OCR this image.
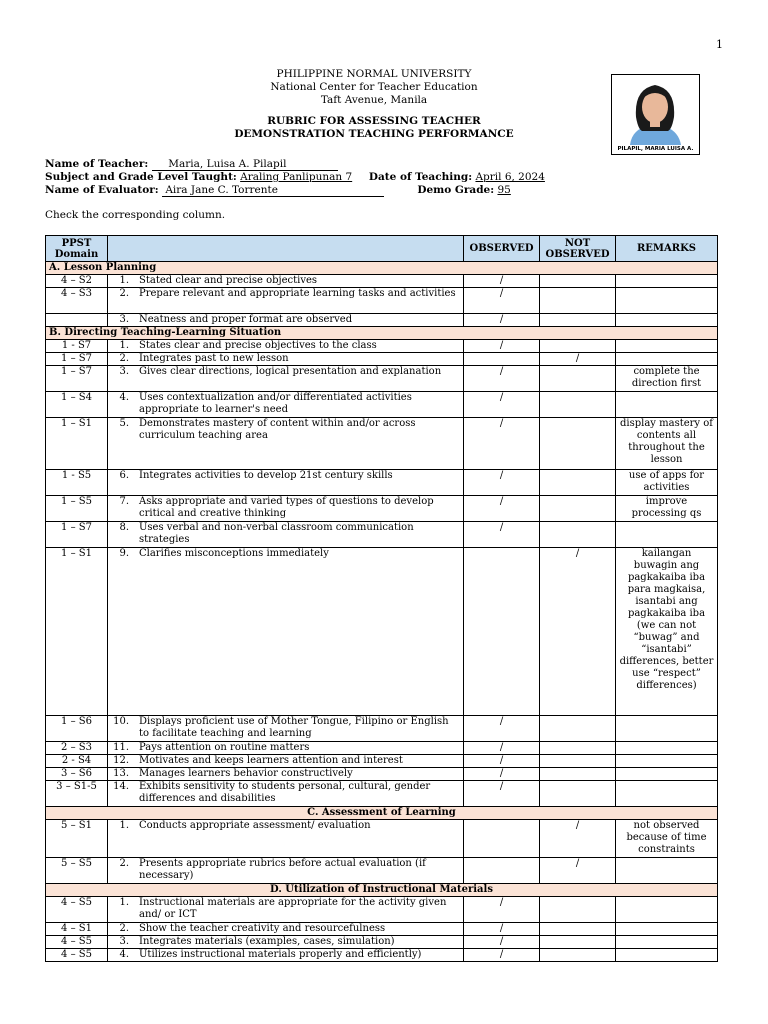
1
PHILIPPINE NORMAL UNIVERSITY
National Center for Teacher Education
Taft Avenue, Manila
RUBRIC FOR ASSESSING TEACHER
DEMONSTRATION TEACHING PERFORMANCE
PILAPIL, MARIA LUISA A.
Name of Teacher: Maria, Luisa A. Pilapil
Subject and Grade Level Taught: Araling Panlipunan 7 Date of Teaching: April 6, 2024
Name of Evaluator: Aira Jane C. Torrente	Demo Grade: 95
Check the corresponding column.
PPST Domain		OBSERVED	NOT OBSERVED	REMARKS
A. Lesson Planning				
4 – S2	1. Stated clear and precise objectives	/		
4 – S3	2. Prepare relevant and appropriate learning tasks and activities	/		

	3. Neatness and proper format are observed	/		
B. Directing Teaching-Learning Situation				
1 - S7	1. States clear and precise objectives to the class	/		
1 – S7	2. Integrates past to new lesson		/	
1 – S7	3. Gives clear directions, logical presentation and explanation	/		complete the direction first
1 – S4	4. Uses contextualization and/or differentiated activities appropriate to learner's need	/		
1 – S1	5. Demonstrates mastery of content within and/or across curriculum teaching area	/		display mastery of contents all throughout the lesson
1 - S5	6. Integrates activities to develop 21st century skills	/		use of apps for activities
1 – S5	7. Asks appropriate and varied types of questions to develop critical and creative thinking	/		improve processing qs
1 – S7	8. Uses verbal and non-verbal classroom communication strategies	/		
1 – S1	9. Clarifies misconceptions immediately		/	kailangan buwagin ang pagkakaiba iba para magkaisa, isantabi ang pagkakaiba iba (we can not “buwag” and “isantabi” differences, better use “respect” differences)
1 – S6	10. Displays proficient use of Mother Tongue, Filipino or English to facilitate teaching and learning	/		
2 – S3	11. Pays attention on routine matters	/		
2 - S4	12. Motivates and keeps learners attention and interest	/		
3 – S6	13. Manages learners behavior constructively	/		
3 – S1-5	14. Exhibits sensitivity to students personal, cultural, gender differences and disabilities	/		
C. Assessment of Learning				
5 – S1	1. Conducts appropriate assessment/ evaluation		/	not observed because of time constraints
5 – S5	2. Presents appropriate rubrics before actual evaluation (if necessary)		/	
D. Utilization of Instructional Materials				
4 – S5	1. Instructional materials are appropriate for the activity given and/ or ICT	/		
4 – S1	2. Show the teacher creativity and resourcefulness	/		
4 – S5	3. Integrates materials (examples, cases, simulation)	/		
4 – S5	4. Utilizes instructional materials properly and efficiently)	/		
